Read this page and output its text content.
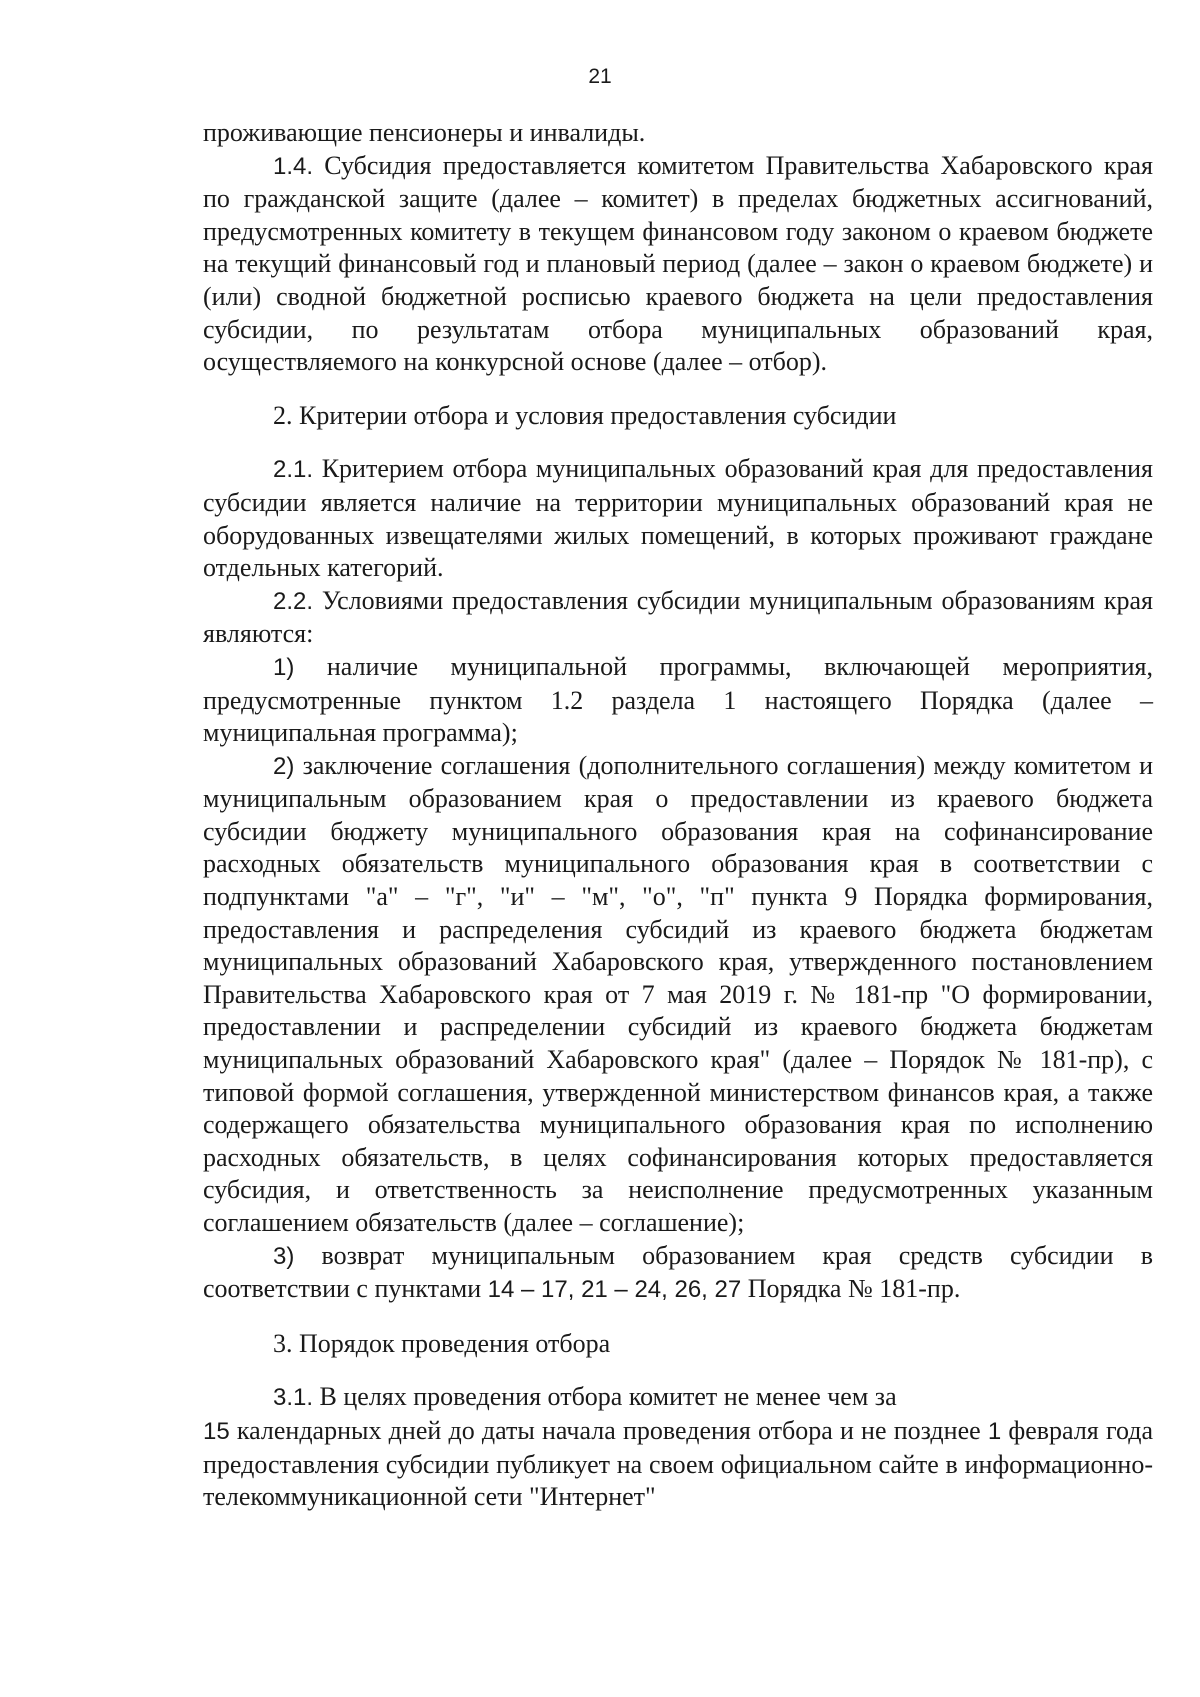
21

проживающие пенсионеры и инвалиды.

1.4. Субсидия предоставляется комитетом Правительства Хабаровского края по гражданской защите (далее – комитет) в пределах бюджетных ассигнований, предусмотренных комитету в текущем финансовом году законом о краевом бюджете на текущий финансовый год и плановый период (далее – закон о краевом бюджете) и (или) сводной бюджетной росписью краевого бюджета на цели предоставления субсидии, по результатам отбора муниципальных образований края, осуществляемого на конкурсной основе (далее – отбор).

2. Критерии отбора и условия предоставления субсидии

2.1. Критерием отбора муниципальных образований края для предоставления субсидии является наличие на территории муниципальных образований края не оборудованных извещателями жилых помещений, в которых проживают граждане отдельных категорий.

2.2. Условиями предоставления субсидии муниципальным образованиям края являются:

1) наличие муниципальной программы, включающей мероприятия, предусмотренные пунктом 1.2 раздела 1 настоящего Порядка (далее – муниципальная программа);

2) заключение соглашения (дополнительного соглашения) между комитетом и муниципальным образованием края о предоставлении из краевого бюджета субсидии бюджету муниципального образования края на софинансирование расходных обязательств муниципального образования края в соответствии с подпунктами "а" – "г", "и" – "м", "о", "п" пункта 9 Порядка формирования, предоставления и распределения субсидий из краевого бюджета бюджетам муниципальных образований Хабаровского края, утвержденного постановлением Правительства Хабаровского края от 7 мая 2019 г. № 181-пр "О формировании, предоставлении и распределении субсидий из краевого бюджета бюджетам муниципальных образований Хабаровского края" (далее – Порядок № 181-пр), с типовой формой соглашения, утвержденной министерством финансов края, а также содержащего обязательства муниципального образования края по исполнению расходных обязательств, в целях софинансирования которых предоставляется субсидия, и ответственность за неисполнение предусмотренных указанным соглашением обязательств (далее – соглашение);

3) возврат муниципальным образованием края средств субсидии в соответствии с пунктами 14 – 17, 21 – 24, 26, 27 Порядка № 181-пр.

3. Порядок проведения отбора

3.1. В целях проведения отбора комитет не менее чем за
15 календарных дней до даты начала проведения отбора и не позднее 1 февраля года предоставления субсидии публикует на своем официальном сайте в информационно-телекоммуникационной сети "Интернет"
